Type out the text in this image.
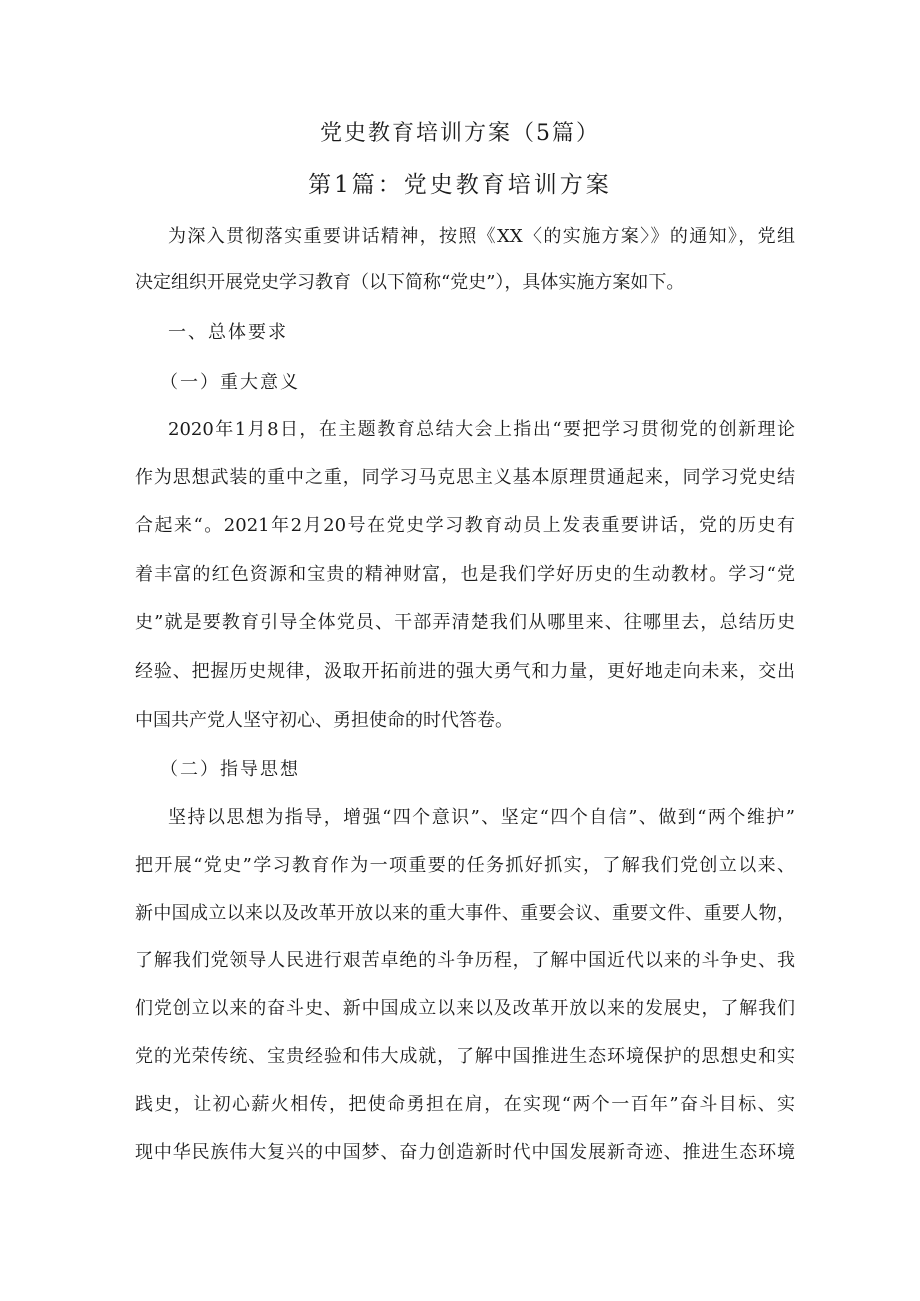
党史教育培训方案（5篇）
第1篇：党史教育培训方案
为深入贯彻落实重要讲话精神，按照《XX〈的实施方案〉》的通知》，党组
决定组织开展党史学习教育（以下简称“党史”），具体实施方案如下。
一、总体要求
（一）重大意义
2020年1月8日，在主题教育总结大会上指出“要把学习贯彻党的创新理论
作为思想武装的重中之重，同学习马克思主义基本原理贯通起来，同学习党史结
合起来“。2021年2月20号在党史学习教育动员上发表重要讲话，党的历史有
着丰富的红色资源和宝贵的精神财富，也是我们学好历史的生动教材。学习“党
史”就是要教育引导全体党员、干部弄清楚我们从哪里来、往哪里去，总结历史
经验、把握历史规律，汲取开拓前进的强大勇气和力量，更好地走向未来，交出
中国共产党人坚守初心、勇担使命的时代答卷。
（二）指导思想
坚持以思想为指导，增强“四个意识”、坚定“四个自信”、做到“两个维护”
把开展“党史”学习教育作为一项重要的任务抓好抓实，了解我们党创立以来、
新中国成立以来以及改革开放以来的重大事件、重要会议、重要文件、重要人物，
了解我们党领导人民进行艰苦卓绝的斗争历程，了解中国近代以来的斗争史、我
们党创立以来的奋斗史、新中国成立以来以及改革开放以来的发展史，了解我们
党的光荣传统、宝贵经验和伟大成就，了解中国推进生态环境保护的思想史和实
践史，让初心薪火相传，把使命勇担在肩，在实现“两个一百年”奋斗目标、实
现中华民族伟大复兴的中国梦、奋力创造新时代中国发展新奇迹、推进生态环境
